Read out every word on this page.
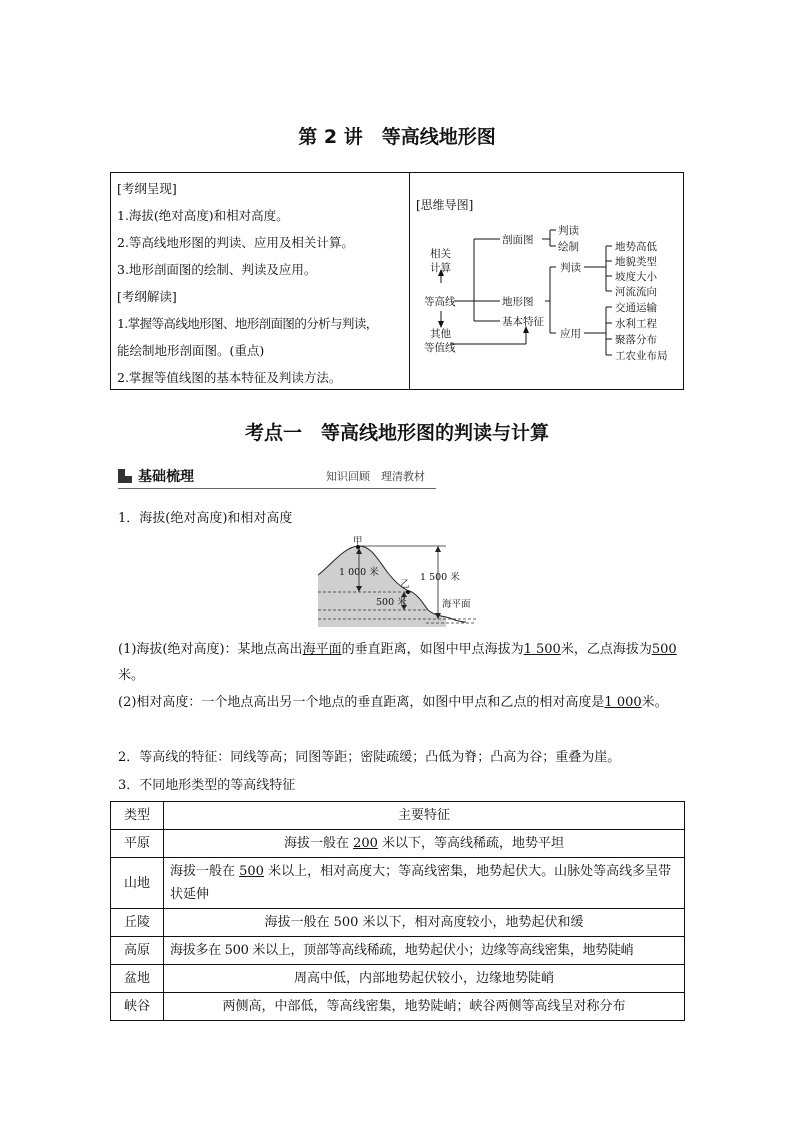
第 2 讲　等高线地形图
[考纲呈现]
1.海拔(绝对高度)和相对高度。
2.等高线地形图的判读、应用及相关计算。
3.地形剖面图的绘制、判读及应用。
[考纲解读]
1.掌握等高线地形图、地形剖面图的分析与判读，
能绘制地形剖面图。(重点)
2.掌握等值线图的基本特征及判读方法。
[思维导图]
相关
计算
等高线
其他
等值线
剖面图
地形图
基本特征
判读
绘制
判读
应用
地势高低
地貌类型
坡度大小
河流流向
交通运输
水利工程
聚落分布
工农业布局
考点一　等高线地形图的判读与计算
基础梳理	知识回顾　理清教材
1．海拔(绝对高度)和相对高度
甲
乙
1 000 米	1 500 米
500 米	海平面
(1)海拔(绝对高度)：某地点高出海平面的垂直距离，如图中甲点海拔为1 500米，乙点海拔为500米。
(2)相对高度：一个地点高出另一个地点的垂直距离，如图中甲点和乙点的相对高度是1 000米。
2．等高线的特征：同线等高；同图等距；密陡疏缓；凸低为脊；凸高为谷；重叠为崖。
3．不同地形类型的等高线特征
类型	主要特征
平原	海拔一般在 200 米以下，等高线稀疏，地势平坦
山地	海拔一般在 500 米以上，相对高度大；等高线密集，地势起伏大。山脉处等高线多呈带状延伸
丘陵	海拔一般在 500 米以下，相对高度较小，地势起伏和缓
高原	海拔多在 500 米以上，顶部等高线稀疏，地势起伏小；边缘等高线密集，地势陡峭
盆地	周高中低，内部地势起伏较小，边缘地势陡峭
峡谷	两侧高，中部低，等高线密集，地势陡峭；峡谷两侧等高线呈对称分布
